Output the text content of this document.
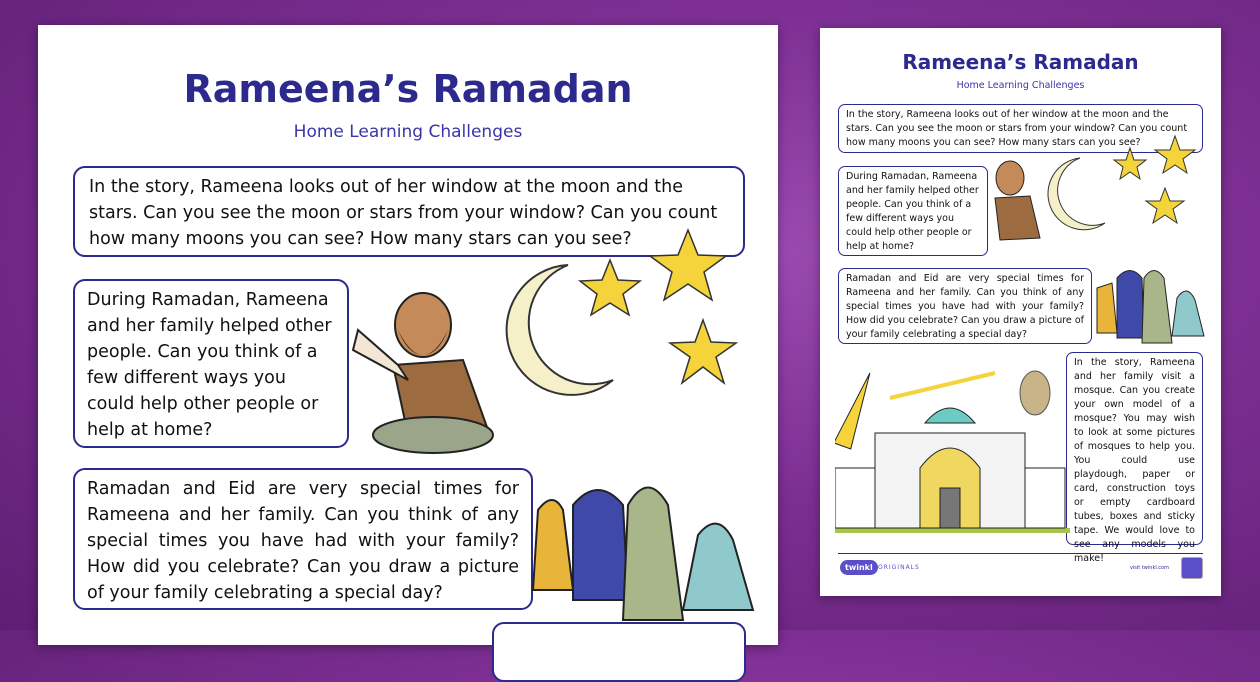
Rameena’s Ramadan
Home Learning Challenges
In the story, Rameena looks out of her window at the moon and the stars. Can you see the moon or stars from your window? Can you count how many moons you can see? How many stars can you see?
During Ramadan, Rameena and her family helped other people. Can you think of a few different ways you could help other people or help at home?
Ramadan and Eid are very special times for Rameena and her family. Can you think of any special times you have had with your family? How did you celebrate? Can you draw a picture of your family celebrating a special day?
Rameena’s Ramadan
Home Learning Challenges
In the story, Rameena looks out of her window at the moon and the stars. Can you see the moon or stars from your window? Can you count how many moons you can see? How many stars can you see?
During Ramadan, Rameena and her family helped other people. Can you think of a few different ways you could help other people or help at home?
Ramadan and Eid are very special times for Rameena and her family. Can you think of any special times you have had with your family? How did you celebrate? Can you draw a picture of your family celebrating a special day?
In the story, Rameena and her family visit a mosque. Can you create your own model of a mosque? You may wish to look at some pictures of mosques to help you. You could use playdough, paper or card, construction toys or empty cardboard tubes, boxes and sticky tape. We would love to see any models you make!
twinkl ORIGINALS	visit twinkl.com
